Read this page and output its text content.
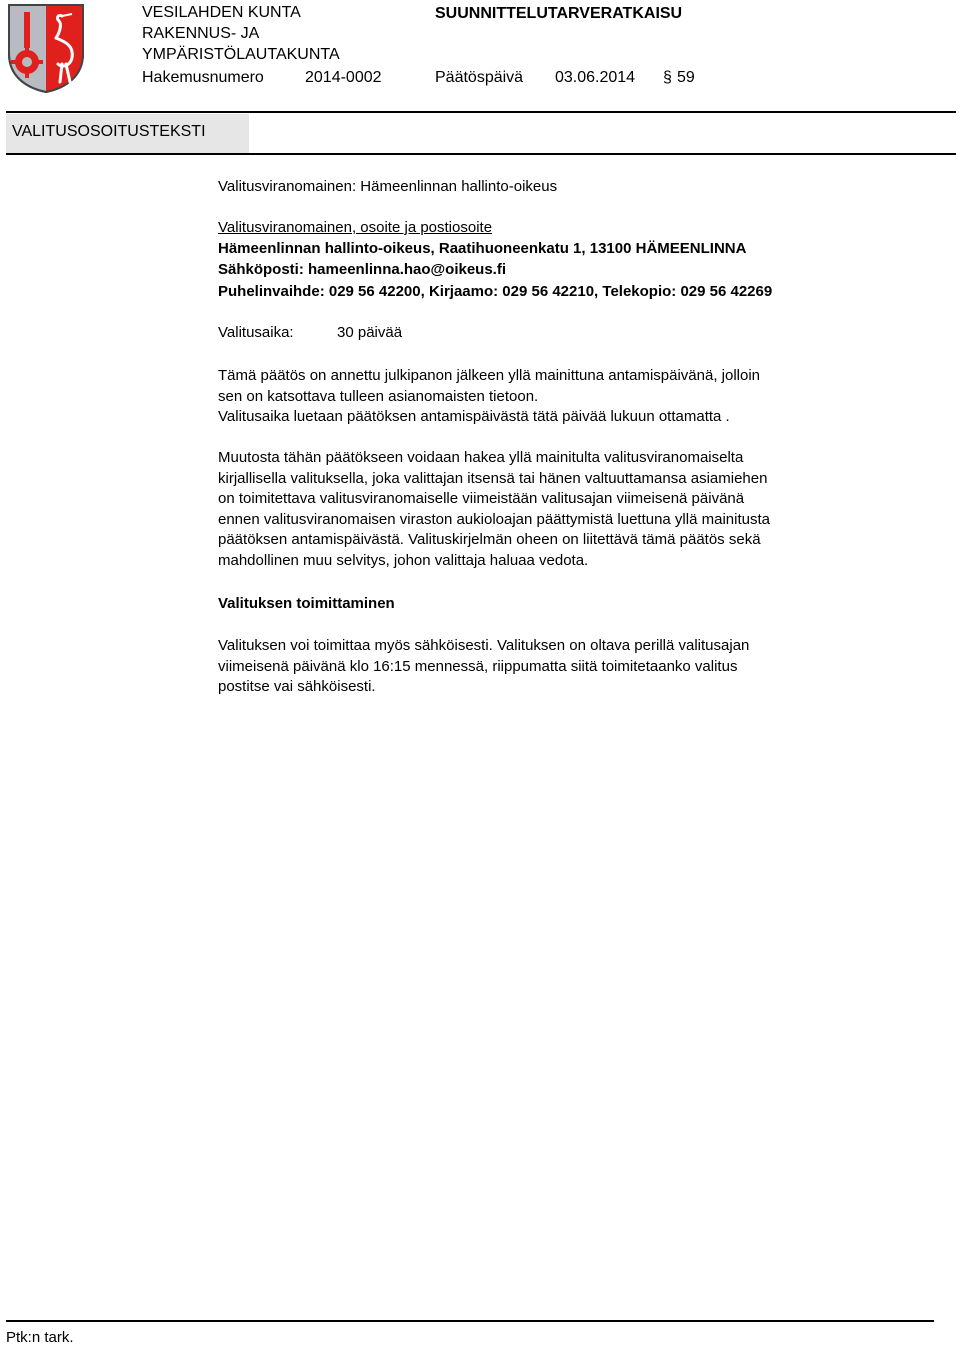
VESILAHDEN KUNTA
RAKENNUS- JA
YMPÄRISTÖLAUTAKUNTA
SUUNNITTELUTARVERATKAISU
Hakemusnumero	2014-0002	Päätöspäivä 03.06.2014 § 59
VALITUSOSOITUSTEKSTI
Valitusviranomainen: Hämeenlinnan hallinto-oikeus
Valitusviranomainen, osoite ja postiosoite
Hämeenlinnan hallinto-oikeus, Raatihuoneenkatu 1, 13100 HÄMEENLINNA
Sähköposti: hameenlinna.hao@oikeus.fi
Puhelinvaihde: 029 56 42200, Kirjaamo: 029 56 42210, Telekopio: 029 56 42269
Valitusaika:	30 päivää

Tämä päätös on annettu julkipanon jälkeen yllä mainittuna antamispäivänä, jolloin

sen on katsottava tulleen asianomaisten tietoon.

Valitusaika luetaan päätöksen antamispäivästä tätä päivää lukuun ottamatta .

Muutosta tähän päätökseen voidaan hakea yllä mainitulta valitusviranomaiselta

kirjallisella valituksella, joka valittajan itsensä tai hänen valtuuttamansa asiamiehen

on toimitettava valitusviranomaiselle viimeistään valitusajan viimeisenä päivänä

ennen valitusviranomaisen viraston aukioloajan päättymistä luettuna yllä mainitusta

päätöksen antamispäivästä. Valituskirjelmän oheen on liitettävä tämä päätös sekä

mahdollinen muu selvitys, johon valittaja haluaa vedota.

Valituksen toimittaminen

Valituksen voi toimittaa myös sähköisesti. Valituksen on oltava perillä valitusajan

viimeisenä päivänä klo 16:15 mennessä, riippumatta siitä toimitetaanko valitus

postitse vai sähköisesti.

Ptk:n tark.
